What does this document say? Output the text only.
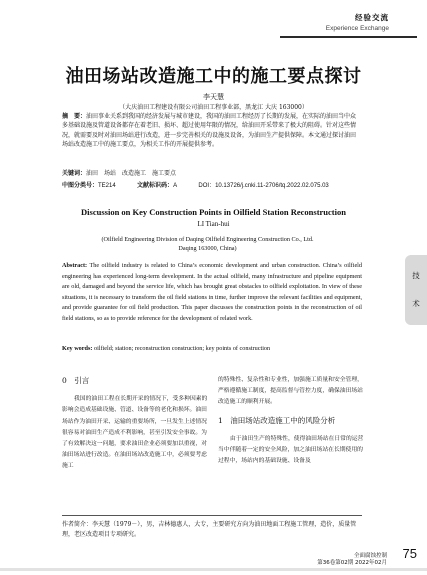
经验交流
Experience Exchange
油田场站改造施工中的施工要点探讨
李天慧
（大庆油田工程建设有限公司油田工程事业部，黑龙江 大庆 163000）
摘　要：油田事业关系到我国的经济发展与城市建设，我国的油田工程经历了长期的发展，在实际的油田当中众多基础设施及管道设备都存在着老旧、损坏、超过使用年限的情况，给油田开采带来了极大的阻碍。针对这些情况，就需要及时对油田场站进行改造，进一步完善相关的设施及设备，为油田生产提供保障。本文通过探讨油田场站改造施工中的施工要点，为相关工作的开展提供参考。
关键词：油田　场站　改造施工　施工要点
中图分类号：TE214	文献标识码：A	DOI：10.13726/j.cnki.11-2706/tq.2022.02.075.03
Discussion on Key Construction Points in Oilfield Station Reconstruction
LI Tian-hui
(Oilfield Engineering Division of Daqing Oilfield Engineering Construction Co., Ltd. Daqing 163000, China)
Abstract: The oilfield industry is related to China’s economic development and urban construction. China’s oilfield engineering has experienced long-term development. In the actual oilfield, many infrastructure and pipeline equipment are old, damaged and beyond the service life, which has brought great obstacles to oilfield exploitation. In view of these situations, it is necessary to transform the oil field stations in time, further improve the relevant facilities and equipment, and provide guarantee for oil field production. This paper discusses the construction points in the reconstruction of oil field stations, so as to provide reference for the development of related work.
Key words: oilfield; station; reconstruction construction; key points of construction
0　引言

我国的油田工程在长期开采的情况下，受多种因素的影响会造成基础设施、管道、设备等的老化和损坏。油田场站作为油田开采、运输的重要场所，一旦发生上述情况很容易对油田生产造成不利影响，甚至引发安全事故。为了有效解决这一问题，要求油田企业必须要加以重视，对油田场站进行改造。在油田场站改造施工中，必须要考虑施工

的特殊性、复杂性和专业性，加强施工质量和安全管理，严格遵循施工制度，提高监督与管控力度，确保油田场站改造施工的顺利开展。

1　油田场站改造施工中的风险分析

由于油田生产的特殊性，使得油田场站在日常的运营当中伴随着一定的安全风险，加之油田场站在长期使用的过程中，场站内的基础设施、设备及

作者简介：李天慧（1979－），男，吉林德惠人，大专，主要研究方向为油田地面工程施工管理，造价，质量管理，老区改造项目专项研究。
技
术
全面腐蚀控制
第36卷第02期 2022年02月
75
